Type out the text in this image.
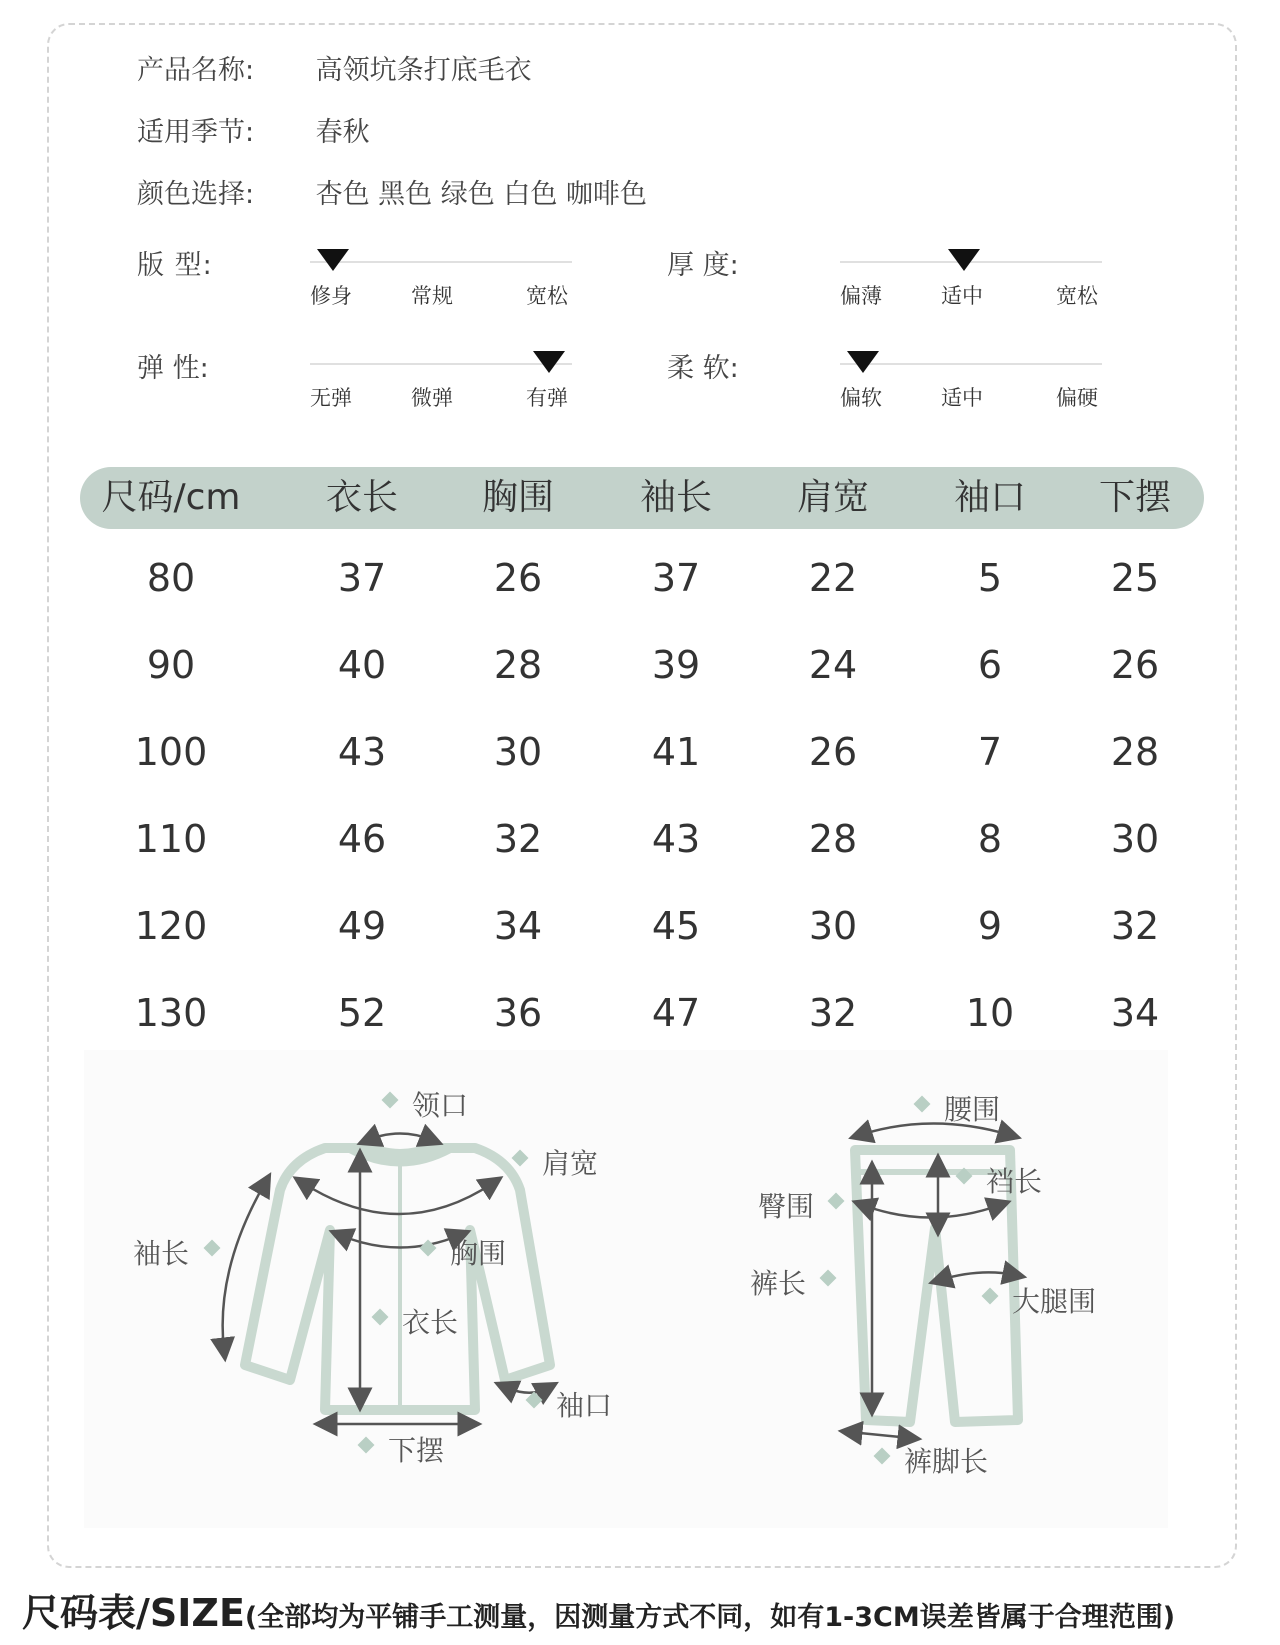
产品名称: 高领坑条打底毛衣
适用季节: 春秋
颜色选择: 杏色 黑色 绿色 白色 咖啡色
版 型:
修身	常规	宽松
厚 度:
偏薄	适中	宽松
弹 性:
无弹	微弹	有弹
柔 软:
偏软	适中	偏硬
尺码/cm	衣长	胸围	袖长	肩宽	袖口	下摆
80	37	26	37	22	5	25
90	40	28	39	24	6	26
100	43	30	41	26	7	28
110	46	32	43	28	8	30
120	49	34	45	30	9	32
130	52	36	47	32	10	34
领口
肩宽
袖长	胸围
衣长
袖口
下摆
腰围
裆长
臀围
裤长
大腿围
裤脚长
尺码表/SIZE(全部均为平铺手工测量，因测量方式不同，如有1-3CM误差皆属于合理范围)
